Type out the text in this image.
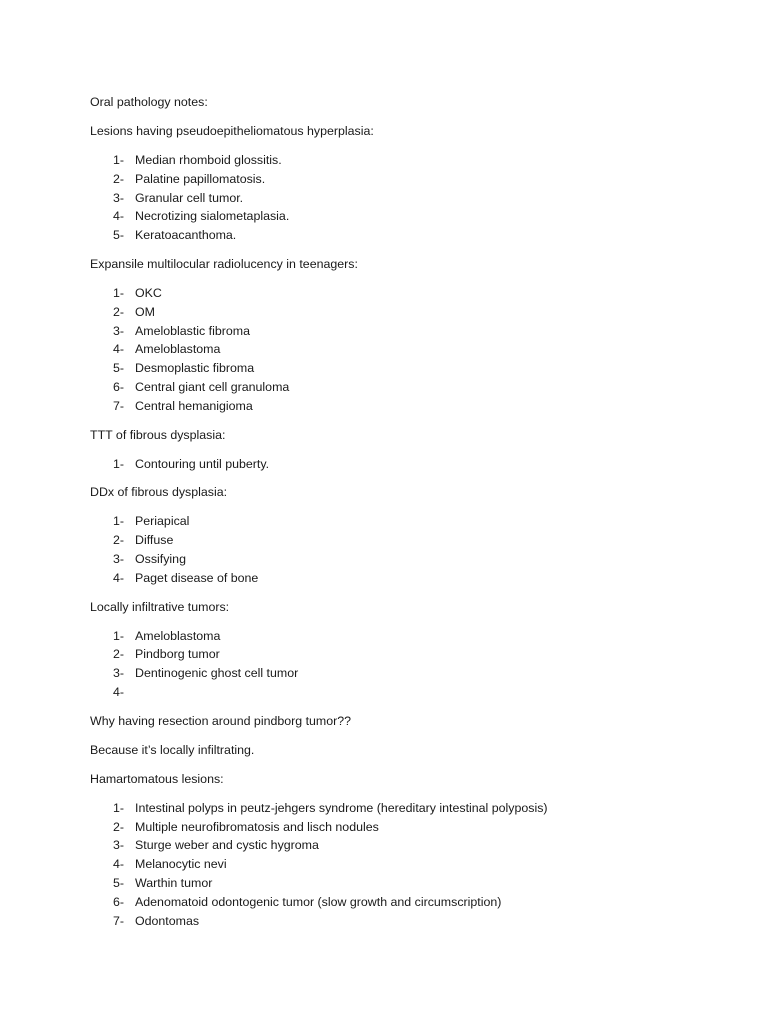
Oral pathology notes:
Lesions having pseudoepitheliomatous hyperplasia:
1- Median rhomboid glossitis.
2- Palatine papillomatosis.
3- Granular cell tumor.
4- Necrotizing sialometaplasia.
5- Keratoacanthoma.
Expansile multilocular radiolucency in teenagers:
1- OKC
2- OM
3- Ameloblastic fibroma
4- Ameloblastoma
5- Desmoplastic fibroma
6- Central giant cell granuloma
7- Central hemanigioma
TTT of fibrous dysplasia:
1- Contouring until puberty.
DDx of fibrous dysplasia:
1- Periapical
2- Diffuse
3- Ossifying
4- Paget disease of bone
Locally infiltrative tumors:
1- Ameloblastoma
2- Pindborg tumor
3- Dentinogenic ghost cell tumor
4-
Why having resection around pindborg tumor??
Because it’s locally infiltrating.
Hamartomatous lesions:
1- Intestinal polyps in peutz-jehgers syndrome (hereditary intestinal polyposis)
2- Multiple neurofibromatosis and lisch nodules
3- Sturge weber and cystic hygroma
4- Melanocytic nevi
5- Warthin tumor
6- Adenomatoid odontogenic tumor (slow growth and circumscription)
7- Odontomas
